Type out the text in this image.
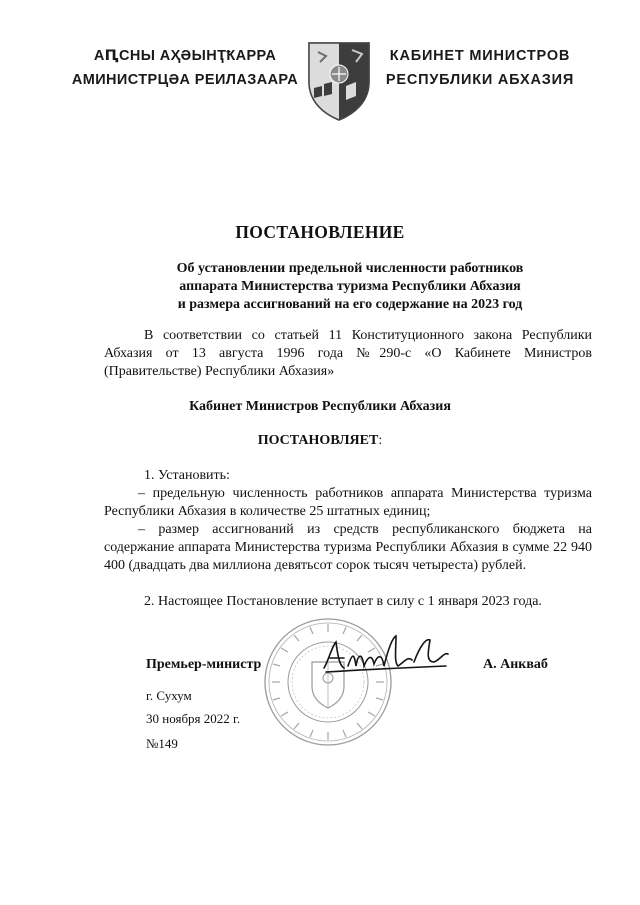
АԤСНЫ АҲӘЫНҬҞАРРА
АМИНИСТРЦӘА РЕИЛАЗААРА
КАБИНЕТ МИНИСТРОВ
РЕСПУБЛИКИ АБХАЗИЯ
ПОСТАНОВЛЕНИЕ
Об установлении предельной численности работников
аппарата Министерства туризма Республики Абхазия
и размера ассигнований на его содержание на 2023 год
В соответствии со статьей 11 Конституционного закона Республики Абхазия от 13 августа 1996 года №290-с «О Кабинете Министров (Правительстве) Республики Абхазия»
Кабинет Министров Республики Абхазия
ПОСТАНОВЛЯЕТ:
1. Установить:
– предельную численность работников аппарата Министерства туризма Республики Абхазия в количестве 25 штатных единиц;
– размер ассигнований из средств республиканского бюджета на содержание аппарата Министерства туризма Республики Абхазия в сумме 22 940 400 (двадцать два миллиона девятьсот сорок тысяч четыреста) рублей.
2. Настоящее Постановление вступает в силу с 1 января 2023 года.
Премьер-министр	А. Анкваб
г. Сухум
30 ноября 2022 г.
№149
